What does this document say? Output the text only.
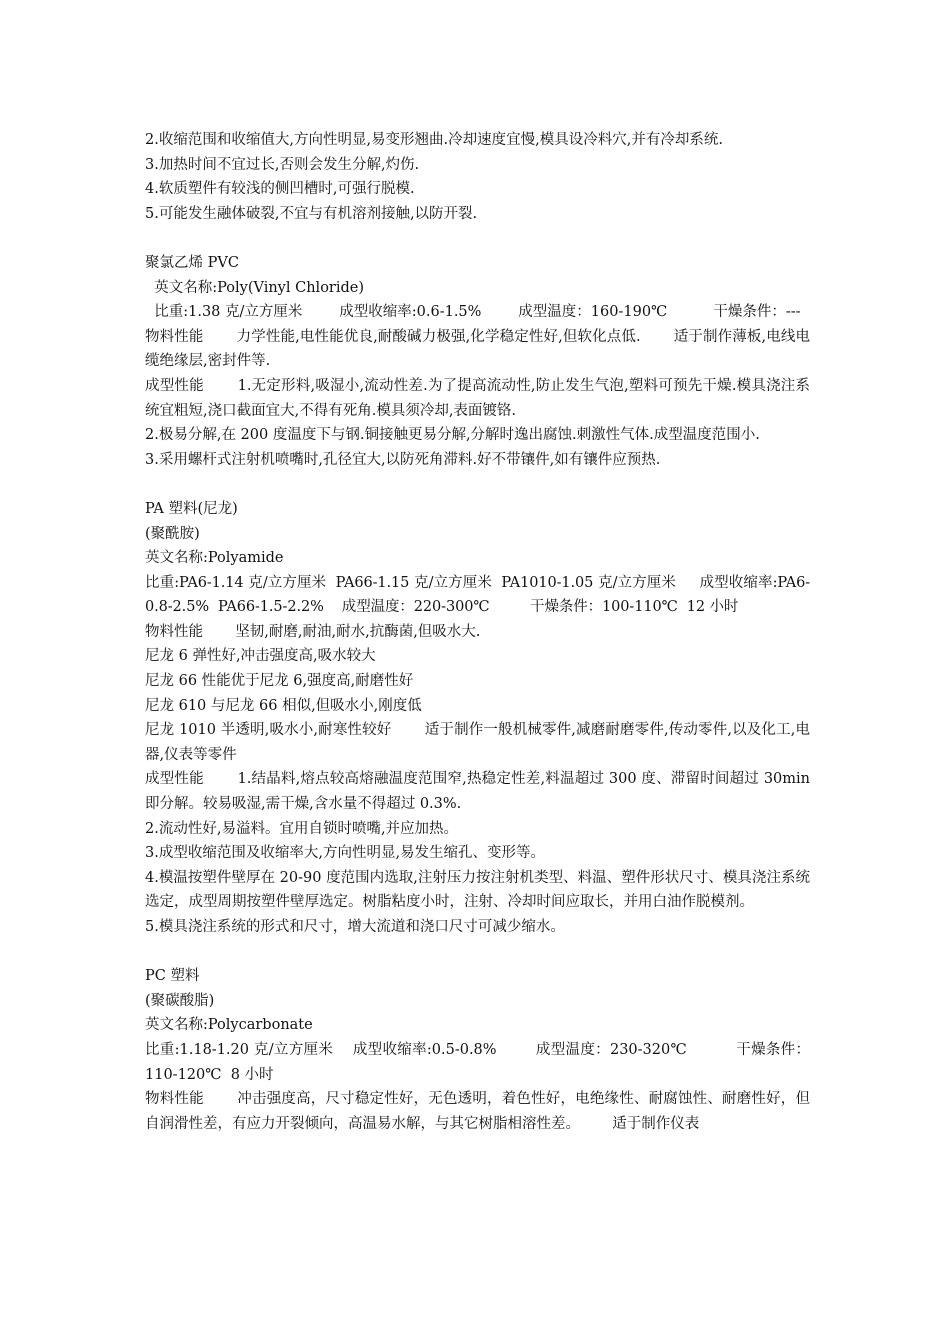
2.收缩范围和收缩值大,方向性明显,易变形翘曲.冷却速度宜慢,模具设冷料穴,并有冷却系统.

3.加热时间不宜过长,否则会发生分解,灼伤.

4.软质塑件有较浅的侧凹槽时,可强行脱模.

5.可能发生融体破裂,不宜与有机溶剂接触,以防开裂.

聚氯乙烯 PVC

英文名称:Poly(Vinyl Chloride)

比重:1.38 克/立方厘米        成型收缩率:0.6-1.5%        成型温度：160-190℃          干燥条件：---

物料性能       力学性能,电性能优良,耐酸碱力极强,化学稳定性好,但软化点低.       适于制作薄板,电线电缆绝缘层,密封件等.

成型性能       1.无定形料,吸湿小,流动性差.为了提高流动性,防止发生气泡,塑料可预先干燥.模具浇注系统宜粗短,浇口截面宜大,不得有死角.模具须冷却,表面镀铬.

2.极易分解,在 200 度温度下与钢.铜接触更易分解,分解时逸出腐蚀.刺激性气体.成型温度范围小.

3.采用螺杆式注射机喷嘴时,孔径宜大,以防死角滞料.好不带镶件,如有镶件应预热.

PA 塑料(尼龙)

(聚酰胺)

英文名称:Polyamide

比重:PA6-1.14 克/立方厘米  PA66-1.15 克/立方厘米  PA1010-1.05 克/立方厘米     成型收缩率:PA6-0.8-2.5%  PA66-1.5-2.2%    成型温度：220-300℃         干燥条件：100-110℃  12 小时

物料性能       坚韧,耐磨,耐油,耐水,抗酶菌,但吸水大.

尼龙 6 弹性好,冲击强度高,吸水较大

尼龙 66 性能优于尼龙 6,强度高,耐磨性好

尼龙 610 与尼龙 66 相似,但吸水小,刚度低

尼龙 1010 半透明,吸水小,耐寒性较好       适于制作一般机械零件,减磨耐磨零件,传动零件,以及化工,电器,仪表等零件

成型性能       1.结晶料,熔点较高熔融温度范围窄,热稳定性差,料温超过 300 度、滞留时间超过 30min 即分解。较易吸湿,需干燥,含水量不得超过 0.3%.

2.流动性好,易溢料。宜用自锁时喷嘴,并应加热。

3.成型收缩范围及收缩率大,方向性明显,易发生缩孔、变形等。

4.模温按塑件壁厚在 20-90 度范围内选取,注射压力按注射机类型、料温、塑件形状尺寸、模具浇注系统选定，成型周期按塑件壁厚选定。树脂粘度小时，注射、冷却时间应取长，并用白油作脱模剂。

5.模具浇注系统的形式和尺寸，增大流道和浇口尺寸可减少缩水。

PC 塑料

(聚碳酸脂)

英文名称:Polycarbonate

比重:1.18-1.20 克/立方厘米    成型收缩率:0.5-0.8%        成型温度：230-320℃          干燥条件：110-120℃  8 小时

物料性能       冲击强度高，尺寸稳定性好，无色透明，着色性好，电绝缘性、耐腐蚀性、耐磨性好，但自润滑性差，有应力开裂倾向，高温易水解，与其它树脂相溶性差。       适于制作仪表
